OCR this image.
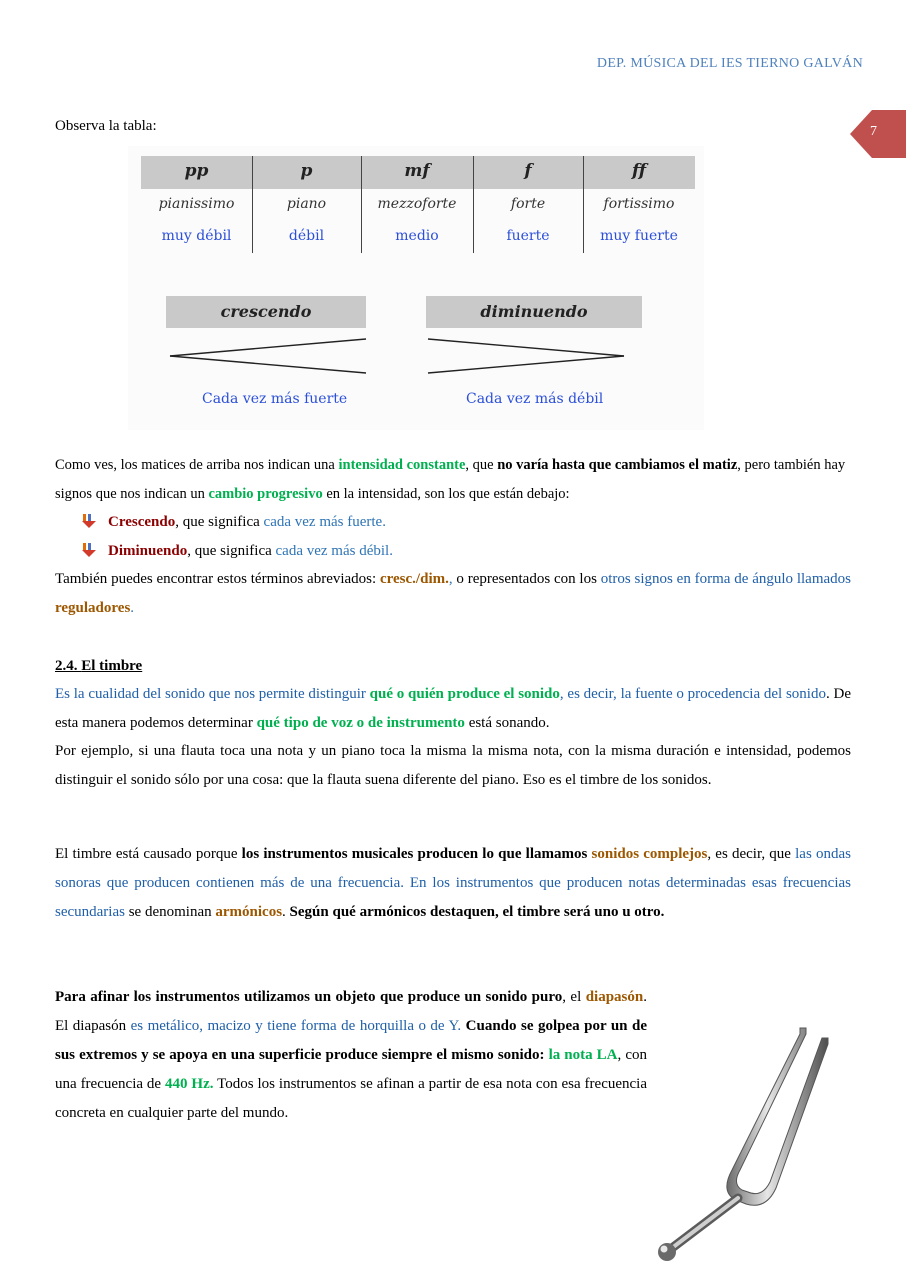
DEP. MÚSICA DEL IES TIERNO GALVÁN
7
Observa la tabla:
pp	p	mf	f	ff
pianissimo	piano	mezzoforte	forte	fortissimo
muy débil	débil	medio	fuerte	muy fuerte
crescendo	diminuendo
Cada vez más fuerte	Cada vez más débil
Como ves, los matices de arriba nos indican una intensidad constante, que no varía hasta que cambiamos el matiz, pero también hay signos que nos indican un cambio progresivo en la intensidad, son los que están debajo:
Crescendo, que significa cada vez más fuerte.
Diminuendo, que significa cada vez más débil.
También puedes encontrar estos términos abreviados: cresc./dim., o representados con los otros signos en forma de ángulo llamados reguladores.
2.4. El timbre
Es la cualidad del sonido que nos permite distinguir qué o quién produce el sonido, es decir, la fuente o procedencia del sonido. De esta manera podemos determinar qué tipo de voz o de instrumento está sonando.
Por ejemplo, si una flauta toca una nota y un piano toca la misma la misma nota, con la misma duración e intensidad, podemos distinguir el sonido sólo por una cosa: que la flauta suena diferente del piano. Eso es el timbre de los sonidos.
El timbre está causado porque los instrumentos musicales producen lo que llamamos sonidos complejos, es decir, que las ondas sonoras que producen contienen más de una frecuencia. En los instrumentos que producen notas determinadas esas frecuencias secundarias se denominan armónicos. Según qué armónicos destaquen, el timbre será uno u otro.
Para afinar los instrumentos utilizamos un objeto que produce un sonido puro, el diapasón. El diapasón es metálico, macizo y tiene forma de horquilla o de Y. Cuando se golpea por un de sus extremos y se apoya en una superficie produce siempre el mismo sonido: la nota LA, con una frecuencia de 440 Hz. Todos los instrumentos se afinan a partir de esa nota con esa frecuencia concreta en cualquier parte del mundo.
